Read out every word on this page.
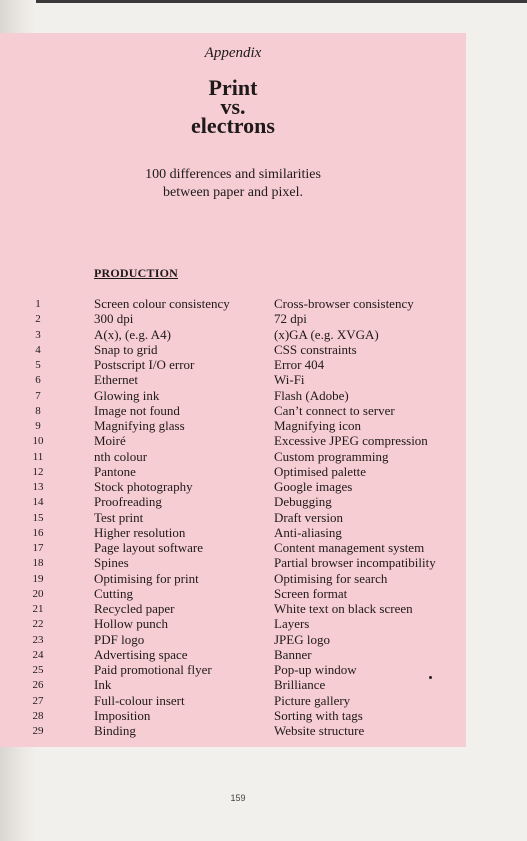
Appendix
Print
vs.
electrons
100 differences and similarities
between paper and pixel.
PRODUCTION
1	Screen colour consistency	Cross-browser consistency
2	300 dpi	72 dpi
3	A(x), (e.g. A4)	(x)GA (e.g. XVGA)
4	Snap to grid	CSS constraints
5	Postscript I/O error	Error 404
6	Ethernet	Wi-Fi
7	Glowing ink	Flash (Adobe)
8	Image not found	Can’t connect to server
9	Magnifying glass	Magnifying icon
10	Moiré	Excessive JPEG compression
11	nth colour	Custom programming
12	Pantone	Optimised palette
13	Stock photography	Google images
14	Proofreading	Debugging
15	Test print	Draft version
16	Higher resolution	Anti-aliasing
17	Page layout software	Content management system
18	Spines	Partial browser incompatibility
19	Optimising for print	Optimising for search
20	Cutting	Screen format
21	Recycled paper	White text on black screen
22	Hollow punch	Layers
23	PDF logo	JPEG logo
24	Advertising space	Banner
25	Paid promotional flyer	Pop-up window
26	Ink	Brilliance
27	Full-colour insert	Picture gallery
28	Imposition	Sorting with tags
29	Binding	Website structure
159
